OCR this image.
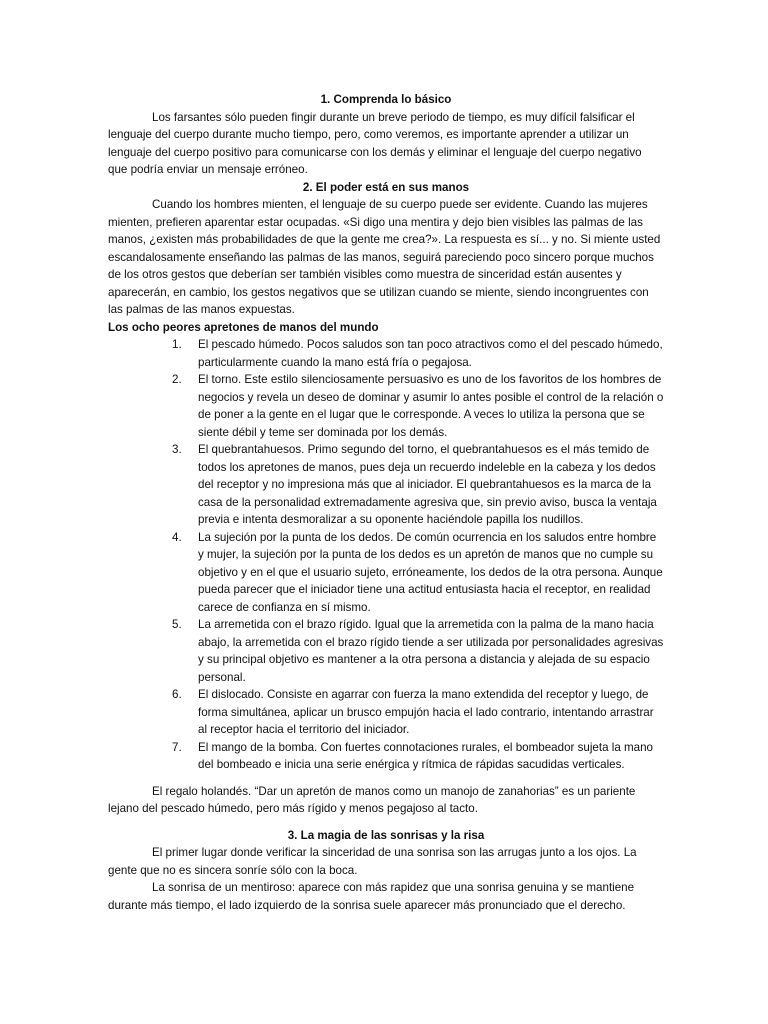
1. Comprenda lo básico

Los farsantes sólo pueden fingir durante un breve periodo de tiempo, es muy difícil falsificar el lenguaje del cuerpo durante mucho tiempo, pero, como veremos, es importante aprender a utilizar un lenguaje del cuerpo positivo para comunicarse con los demás y eliminar el lenguaje del cuerpo negativo que podría enviar un mensaje erróneo.

2. El poder está en sus manos

Cuando los hombres mienten, el lenguaje de su cuerpo puede ser evidente. Cuando las mujeres mienten, prefieren aparentar estar ocupadas. «Si digo una mentira y dejo bien visibles las palmas de las manos, ¿existen más probabilidades de que la gente me crea?». La respuesta es sí... y no. Si miente usted escandalosamente enseñando las palmas de las manos, seguirá pareciendo poco sincero porque muchos de los otros gestos que deberían ser también visibles como muestra de sinceridad están ausentes y aparecerán, en cambio, los gestos negativos que se utilizan cuando se miente, siendo incongruentes con las palmas de las manos expuestas.

Los ocho peores apretones de manos del mundo

1. El pescado húmedo. Pocos saludos son tan poco atractivos como el del pescado húmedo, particularmente cuando la mano está fría o pegajosa.
2. El torno. Este estilo silenciosamente persuasivo es uno de los favoritos de los hombres de negocios y revela un deseo de dominar y asumir lo antes posible el control de la relación o de poner a la gente en el lugar que le corresponde. A veces lo utiliza la persona que se siente débil y teme ser dominada por los demás.
3. El quebrantahuesos. Primo segundo del torno, el quebrantahuesos es el más temido de todos los apretones de manos, pues deja un recuerdo indeleble en la cabeza y los dedos del receptor y no impresiona más que al iniciador. El quebrantahuesos es la marca de la casa de la personalidad extremadamente agresiva que, sin previo aviso, busca la ventaja previa e intenta desmoralizar a su oponente haciéndole papilla los nudillos.
4. La sujeción por la punta de los dedos. De común ocurrencia en los saludos entre hombre y mujer, la sujeción por la punta de los dedos es un apretón de manos que no cumple su objetivo y en el que el usuario sujeto, erróneamente, los dedos de la otra persona. Aunque pueda parecer que el iniciador tiene una actitud entusiasta hacia el receptor, en realidad carece de confianza en sí mismo.
5. La arremetida con el brazo rígido. Igual que la arremetida con la palma de la mano hacia abajo, la arremetida con el brazo rígido tiende a ser utilizada por personalidades agresivas y su principal objetivo es mantener a la otra persona a distancia y alejada de su espacio personal.
6. El dislocado. Consiste en agarrar con fuerza la mano extendida del receptor y luego, de forma simultánea, aplicar un brusco empujón hacia el lado contrario, intentando arrastrar al receptor hacia el territorio del iniciador.
7. El mango de la bomba. Con fuertes connotaciones rurales, el bombeador sujeta la mano del bombeado e inicia una serie enérgica y rítmica de rápidas sacudidas verticales.

El regalo holandés. “Dar un apretón de manos como un manojo de zanahorias” es un pariente lejano del pescado húmedo, pero más rígido y menos pegajoso al tacto.

3. La magia de las sonrisas y la risa

El primer lugar donde verificar la sinceridad de una sonrisa son las arrugas junto a los ojos. La gente que no es sincera sonríe sólo con la boca.

La sonrisa de un mentiroso: aparece con más rapidez que una sonrisa genuina y se mantiene durante más tiempo, el lado izquierdo de la sonrisa suele aparecer más pronunciado que el derecho.
